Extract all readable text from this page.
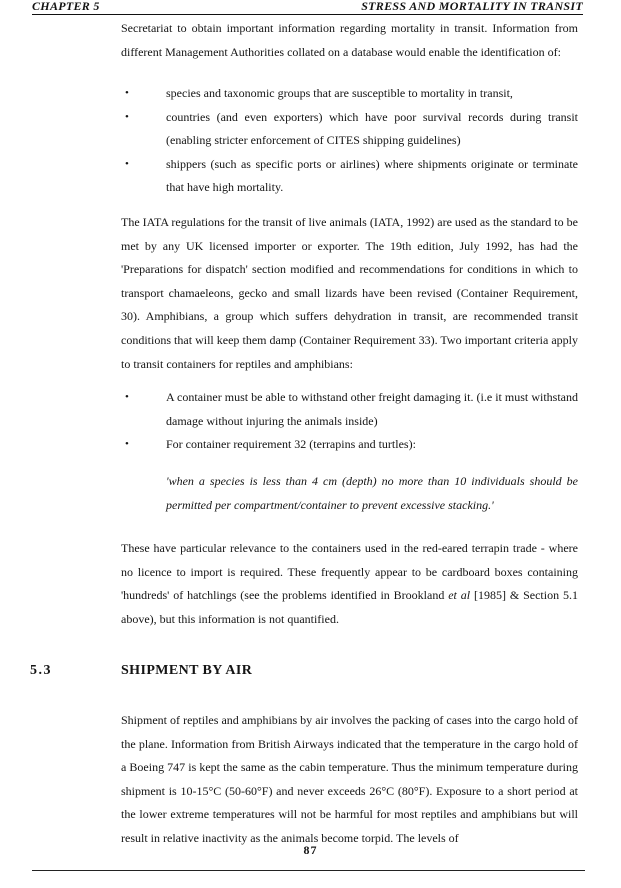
CHAPTER 5	STRESS AND MORTALITY IN TRANSIT

Secretariat to obtain important information regarding mortality in transit. Information from different Management Authorities collated on a database would enable the identification of:

•	species and taxonomic groups that are susceptible to mortality in transit,
•	countries (and even exporters) which have poor survival records during transit (enabling stricter enforcement of CITES shipping guidelines)
•	shippers (such as specific ports or airlines) where shipments originate or terminate that have high mortality.

The IATA regulations for the transit of live animals (IATA, 1992) are used as the standard to be met by any UK licensed importer or exporter. The 19th edition, July 1992, has had the 'Preparations for dispatch' section modified and recommendations for conditions in which to transport chamaeleons, gecko and small lizards have been revised (Container Requirement, 30). Amphibians, a group which suffers dehydration in transit, are recommended transit conditions that will keep them damp (Container Requirement 33). Two important criteria apply to transit containers for reptiles and amphibians:

•	A container must be able to withstand other freight damaging it. (i.e it must withstand damage without injuring the animals inside)
•	For container requirement 32 (terrapins and turtles):

'when a species is less than 4 cm (depth) no more than 10 individuals should be permitted per compartment/container to prevent excessive stacking.'

These have particular relevance to the containers used in the red-eared terrapin trade - where no licence to import is required. These frequently appear to be cardboard boxes containing 'hundreds' of hatchlings (see the problems identified in Brookland et al [1985] & Section 5.1 above), but this information is not quantified.

5.3	SHIPMENT BY AIR

Shipment of reptiles and amphibians by air involves the packing of cases into the cargo hold of the plane. Information from British Airways indicated that the temperature in the cargo hold of a Boeing 747 is kept the same as the cabin temperature. Thus the minimum temperature during shipment is 10-15°C (50-60°F) and never exceeds 26°C (80°F). Exposure to a short period at the lower extreme temperatures will not be harmful for most reptiles and amphibians but will result in relative inactivity as the animals become torpid. The levels of

87
